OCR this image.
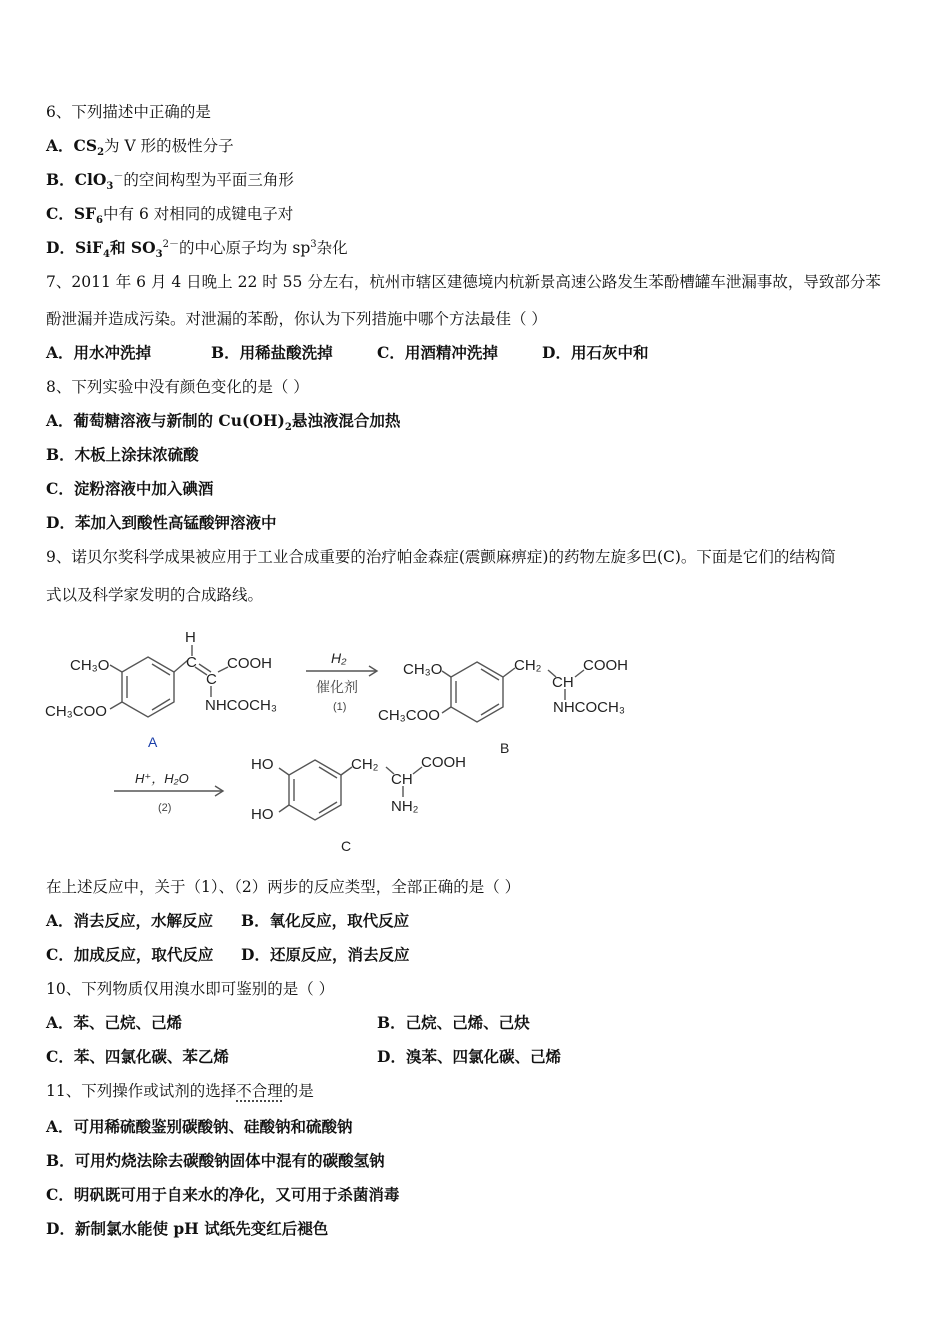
6、下列描述中正确的是
A．$CS_2$为 V 形的极性分子
B．ClO$_3$－的空间构型为平面三角形
C．$SF_6$中有 6 对相同的成键电子对
D．SiF$_4$和 $SO_3^{2-}$的中心原子均为 $sp^3$杂化
7、2011 年 6 月 4 日晚上 22 时 55 分左右，杭州市辖区建德境内杭新景高速公路发生苯酚槽罐车泄漏事故，导致部分苯
酚泄漏并造成污染。对泄漏的苯酚，你认为下列措施中哪个方法最佳（ ）
A．用水冲洗掉	B．用稀盐酸洗掉	C．用酒精冲洗掉	D．用石灰中和
8、下列实验中没有颜色变化的是（ ）
A．葡萄糖溶液与新制的 $Cu(OH)_2$悬浊液混合加热
B．木板上涂抹浓硫酸
C．淀粉溶液中加入碘酒
D．苯加入到酸性高锰酸钾溶液中
9、诺贝尔奖科学成果被应用于工业合成重要的治疗帕金森症(震颤麻痹症)的药物左旋多巴(C)。下面是它们的结构简
式以及科学家发明的合成路线。
H
CH₃O
CH₃COO
C
C
COOH
NHCOCH₃
A
H₂
催化剂
(1)
CH₃O
CH₃COO
CH₂
CH
COOH
NHCOCH₃
B
H⁺，H₂O
(2)
HO
HO
CH₂
CH
COOH
NH₂
C
在上述反应中，关于（1）、（2）两步的反应类型，全部正确的是（ ）
A．消去反应，水解反应 B．氧化反应，取代反应
C．加成反应，取代反应 D．还原反应，消去反应
10、下列物质仅用溴水即可鉴别的是（ ）
A．苯、己烷、己烯	B．己烷、己烯、己炔
C．苯、四氯化碳、苯乙烯	D．溴苯、四氯化碳、己烯
11、下列操作或试剂的选择不合理的是
A．可用稀硫酸鉴别碳酸钠、硅酸钠和硫酸钠
B．可用灼烧法除去碳酸钠固体中混有的碳酸氢钠
C．明矾既可用于自来水的净化，又可用于杀菌消毒
D．新制氯水能使 pH 试纸先变红后褪色
